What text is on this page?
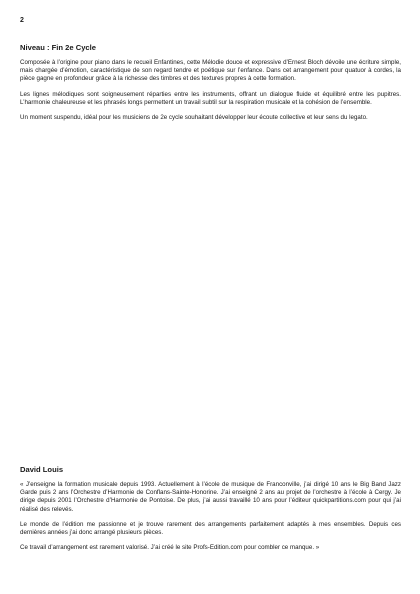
2
Niveau : Fin 2e Cycle

Composée à l’origine pour piano dans le recueil Enfantines, cette Mélodie douce et expressive d’Ernest Bloch dévoile une écriture simple, mais chargée d’émotion, caractéristique de son regard tendre et poétique sur l’enfance. Dans cet arrangement pour quatuor à cordes, la pièce gagne en profondeur grâce à la richesse des timbres et des textures propres à cette formation.

Les lignes mélodiques sont soigneusement réparties entre les instruments, offrant un dialogue fluide et équilibré entre les pupitres. L’harmonie chaleureuse et les phrasés longs permettent un travail subtil sur la respiration musicale et la cohésion de l’ensemble.

Un moment suspendu, idéal pour les musiciens de 2e cycle souhaitant développer leur écoute collective et leur sens du legato.

David Louis

« J’enseigne la formation musicale depuis 1993. Actuellement à l’école de musique de Franconville, j’ai dirigé 10 ans le Big Band Jazz Garde puis 2 ans l’Orchestre d’Harmonie de Conflans-Sainte-Honorine. J’ai enseigné 2 ans au projet de l’orchestre à l’école à Cergy. Je dirige depuis 2001 l’Orchestre d’Harmonie de Pontoise. De plus, j’ai aussi travaillé 10 ans pour l’éditeur quickpartitions.com pour qui j’ai réalisé des relevés.

Le monde de l’édition me passionne et je trouve rarement des arrangements parfaitement adaptés à mes ensembles. Depuis ces dernières années j’ai donc arrangé plusieurs pièces.

Ce travail d’arrangement est rarement valorisé. J’ai créé le site Profs-Edition.com pour combler ce manque. »
